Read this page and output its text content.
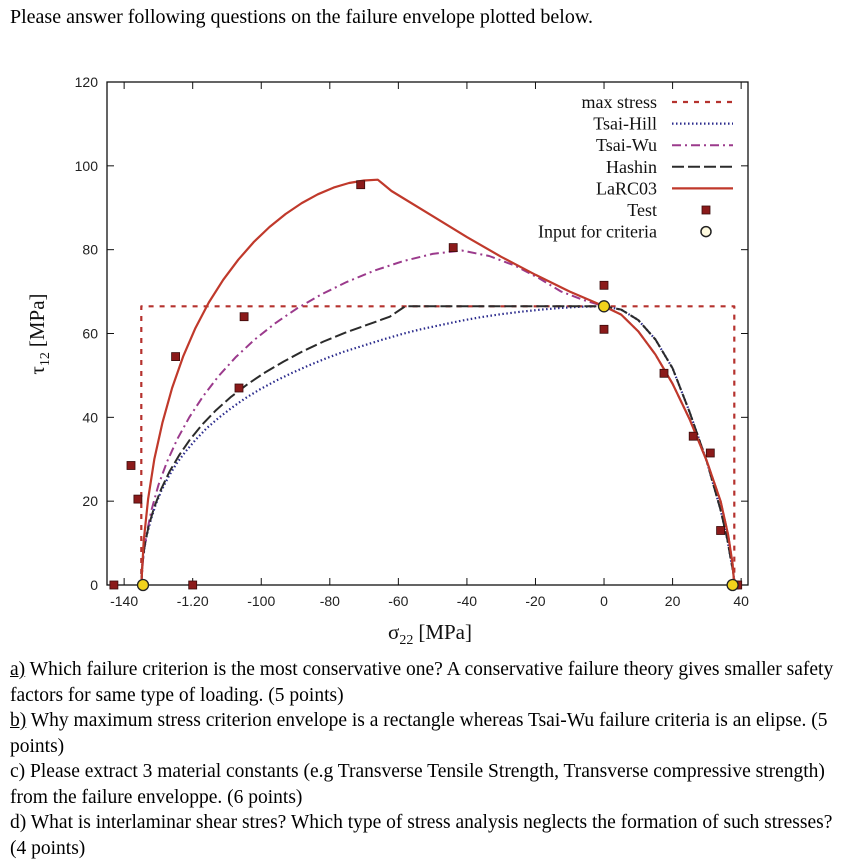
Please answer following questions on the failure envelope plotted below.
-140	-1.20	-100	-80	-60	-40	-20	0	20	40
0
20
40
60
80
100
120
max stress
Tsai-Hill
Tsai-Wu
Hashin
LaRC03
Test
Input for criteria
$\sigma_{22}$ [MPa]
$\tau_{12}[MPa]$

a) Which failure criterion is the most conservative one? A conservative failure theory gives smaller safety factors for same type of loading. (5 points)

b) Why maximum stress criterion envelope is a rectangle whereas Tsai-Wu failure criteria is an elipse. (5 points)

c) Please extract 3 material constants (e.g Transverse Tensile Strength, Transverse compressive strength) from the failure enveloppe. (6 points)

d) What is interlaminar shear stres? Which type of stress analysis neglects the formation of such stresses? (4 points)
